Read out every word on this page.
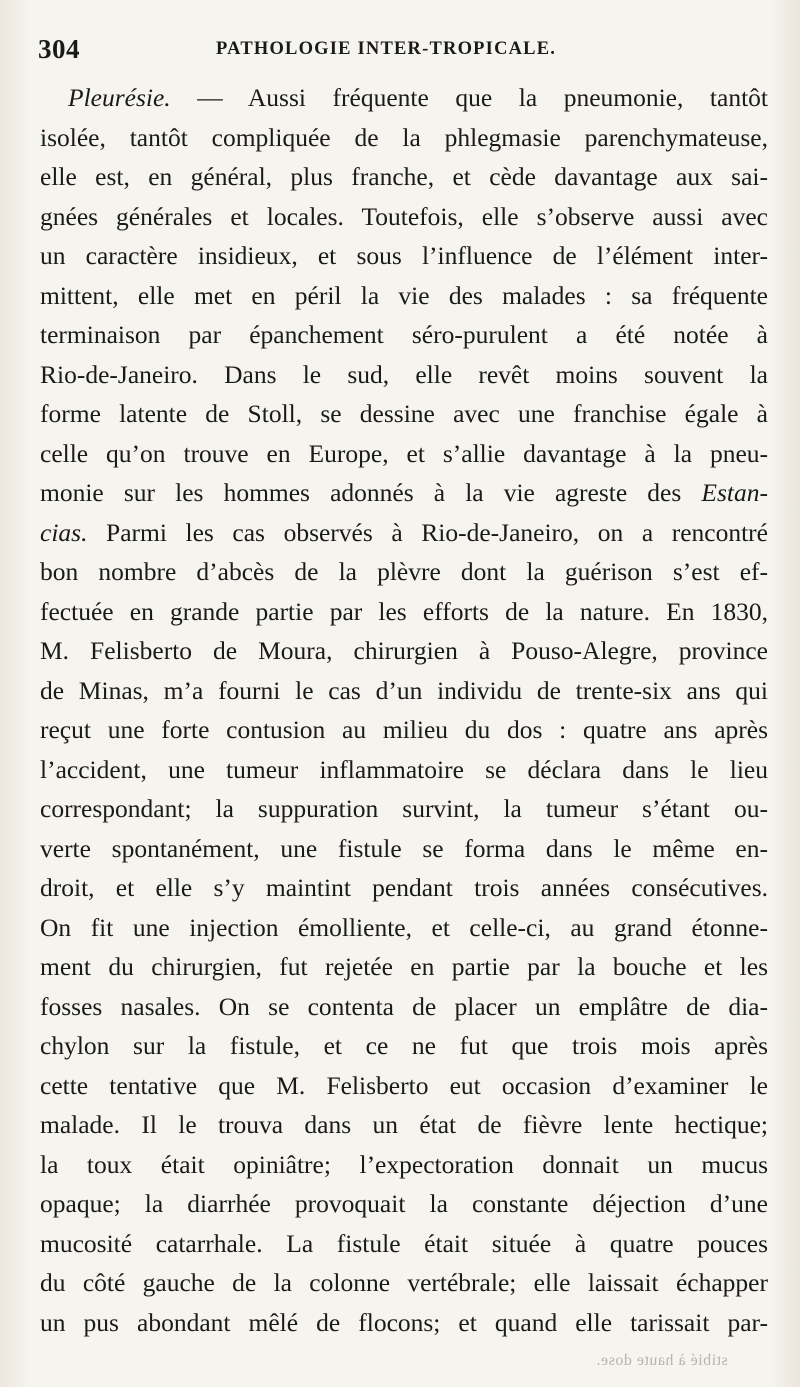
304	PATHOLOGIE INTER-TROPICALE.
Pleurésie. — Aussi fréquente que la pneumonie, tantôt
isolée, tantôt compliquée de la phlegmasie parenchymateuse,
elle est, en général, plus franche, et cède davantage aux sai-
gnées générales et locales. Toutefois, elle s’observe aussi avec
un caractère insidieux, et sous l’influence de l’élément inter-
mittent, elle met en péril la vie des malades : sa fréquente
terminaison par épanchement séro-purulent a été notée à
Rio-de-Janeiro. Dans le sud, elle revêt moins souvent la
forme latente de Stoll, se dessine avec une franchise égale à
celle qu’on trouve en Europe, et s’allie davantage à la pneu-
monie sur les hommes adonnés à la vie agreste des Estan-
cias. Parmi les cas observés à Rio-de-Janeiro, on a rencontré
bon nombre d’abcès de la plèvre dont la guérison s’est ef-
fectuée en grande partie par les efforts de la nature. En 1830,
M. Felisberto de Moura, chirurgien à Pouso-Alegre, province
de Minas, m’a fourni le cas d’un individu de trente-six ans qui
reçut une forte contusion au milieu du dos : quatre ans après
l’accident, une tumeur inflammatoire se déclara dans le lieu
correspondant; la suppuration survint, la tumeur s’étant ou-
verte spontanément, une fistule se forma dans le même en-
droit, et elle s’y maintint pendant trois années consécutives.
On fit une injection émolliente, et celle-ci, au grand étonne-
ment du chirurgien, fut rejetée en partie par la bouche et les
fosses nasales. On se contenta de placer un emplâtre de dia-
chylon sur la fistule, et ce ne fut que trois mois après
cette tentative que M. Felisberto eut occasion d’examiner le
malade. Il le trouva dans un état de fièvre lente hectique;
la toux était opiniâtre; l’expectoration donnait un mucus
opaque; la diarrhée provoquait la constante déjection d’une
mucosité catarrhale. La fistule était située à quatre pouces
du côté gauche de la colonne vertébrale; elle laissait échapper
un pus abondant mêlé de flocons; et quand elle tarissait par-
stibié à haute dose.
